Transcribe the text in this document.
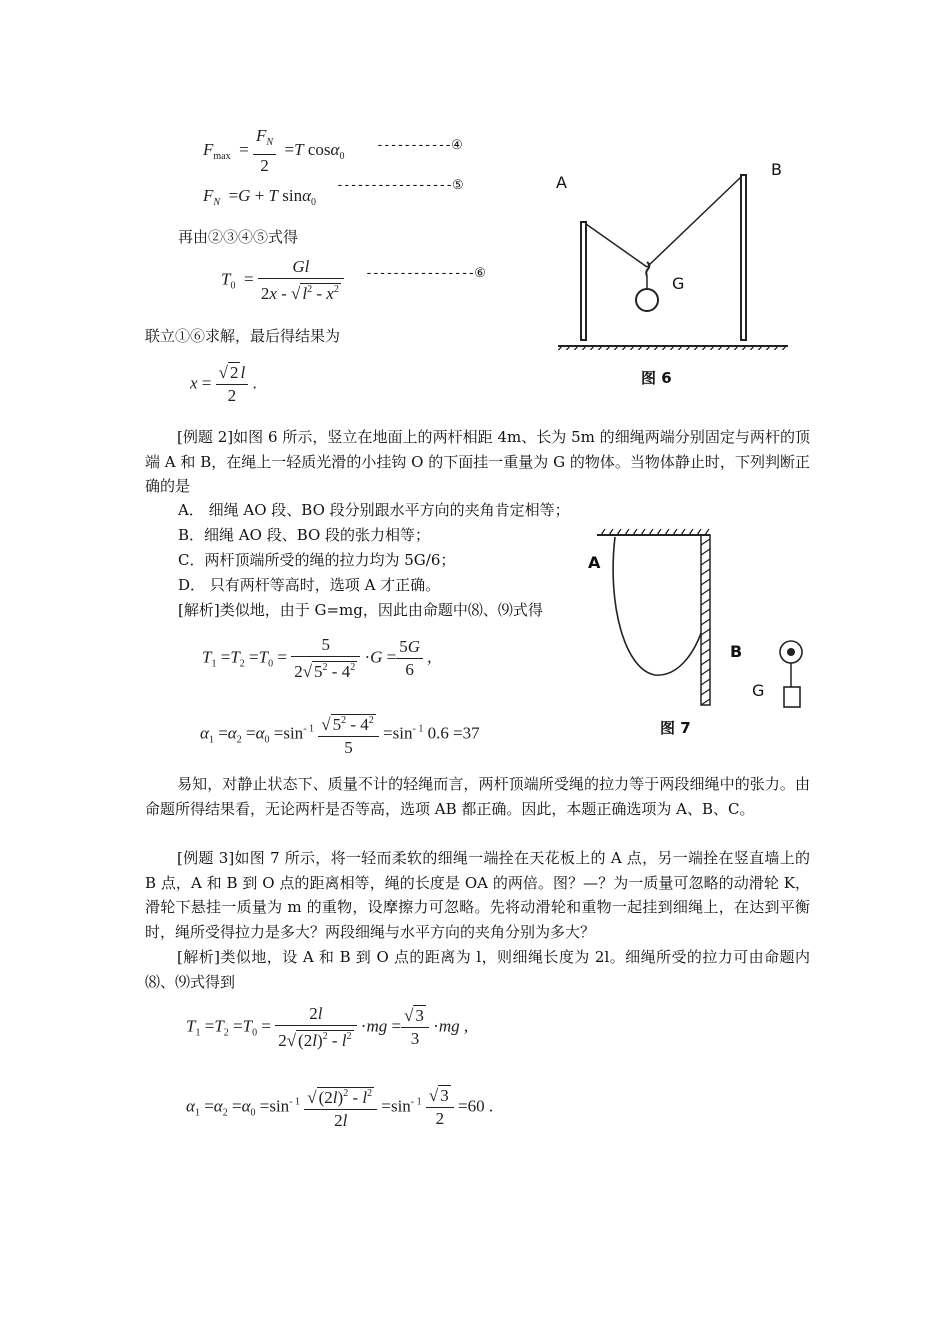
$F_{max} = \frac{F_N}{2} =T$ cosα$_0$
-----------④
$F_N =G + T$ sinα$_0$
-----------------⑤
再由②③④⑤式得
$T_0 = \frac{Gl}{2x - √ l^2 - x^2}$ ----------------⑥
联立①⑥求解，最后得结果为
$x = \frac{√ 2 l}{2}$ .
A
B
G
图 6
[例题 2]如图 6 所示，竖立在地面上的两杆相距 4m、长为 5m 的细绳两端分别固定与两杆的顶端 A 和 B，在绳上一轻质光滑的小挂钩 O 的下面挂一重量为 G 的物体。当物体静止时，下列判断正确的是
A． 细绳 AO 段、BO 段分别跟水平方向的夹角肯定相等；
B．细绳 AO 段、BO 段的张力相等；
C．两杆顶端所受的绳的拉力均为 5G/6；
D． 只有两杆等高时，选项 A 才正确。
[解析]类似地，由于 G=mg，因此由命题中⑻、⑼式得
$T_1 =T_2 =T_0 = \frac{5}{2√ 5^2 - 4^2} \cdot G = \frac{5G}{6}$ ,
$\alpha_1 =\alpha_2 =\alpha_0 =\sin^{- 1} \frac{√ 5^2 - 4^2}{5} =\sin^{- 1}$ 0.6 =37
A
B
G
图 7
易知，对静止状态下、质量不计的轻绳而言，两杆顶端所受绳的拉力等于两段细绳中的张力。由命题所得结果看，无论两杆是否等高，选项 AB 都正确。因此，本题正确选项为 A、B、C。
[例题 3]如图 7 所示，将一轻而柔软的细绳一端拴在天花板上的 A 点，另一端拴在竖直墙上的 B 点，A 和 B 到 O 点的距离相等，绳的长度是 OA 的两倍。图？—？为一质量可忽略的动滑轮 K，滑轮下悬挂一质量为 m 的重物，设摩擦力可忽略。先将动滑轮和重物一起挂到细绳上，在达到平衡时，绳所受得拉力是多大？两段细绳与水平方向的夹角分别为多大？
[解析]类似地，设 A 和 B 到 O 点的距离为 l，则细绳长度为 2l。细绳所受的拉力可由命题内⑻、⑼式得到
$T_1 =T_2 =T_0 = \frac{2l}{2√ (2l)^2 - l^2} \cdot mg = \frac{√ 3}{3} \cdot mg$ ,
$\alpha_1 =\alpha_2 =\alpha_0 =\sin^{- 1} \frac{√ (2l)^2 - l^2}{2l} =\sin^{- 1} \frac{√ 3}{2} =60$ .
